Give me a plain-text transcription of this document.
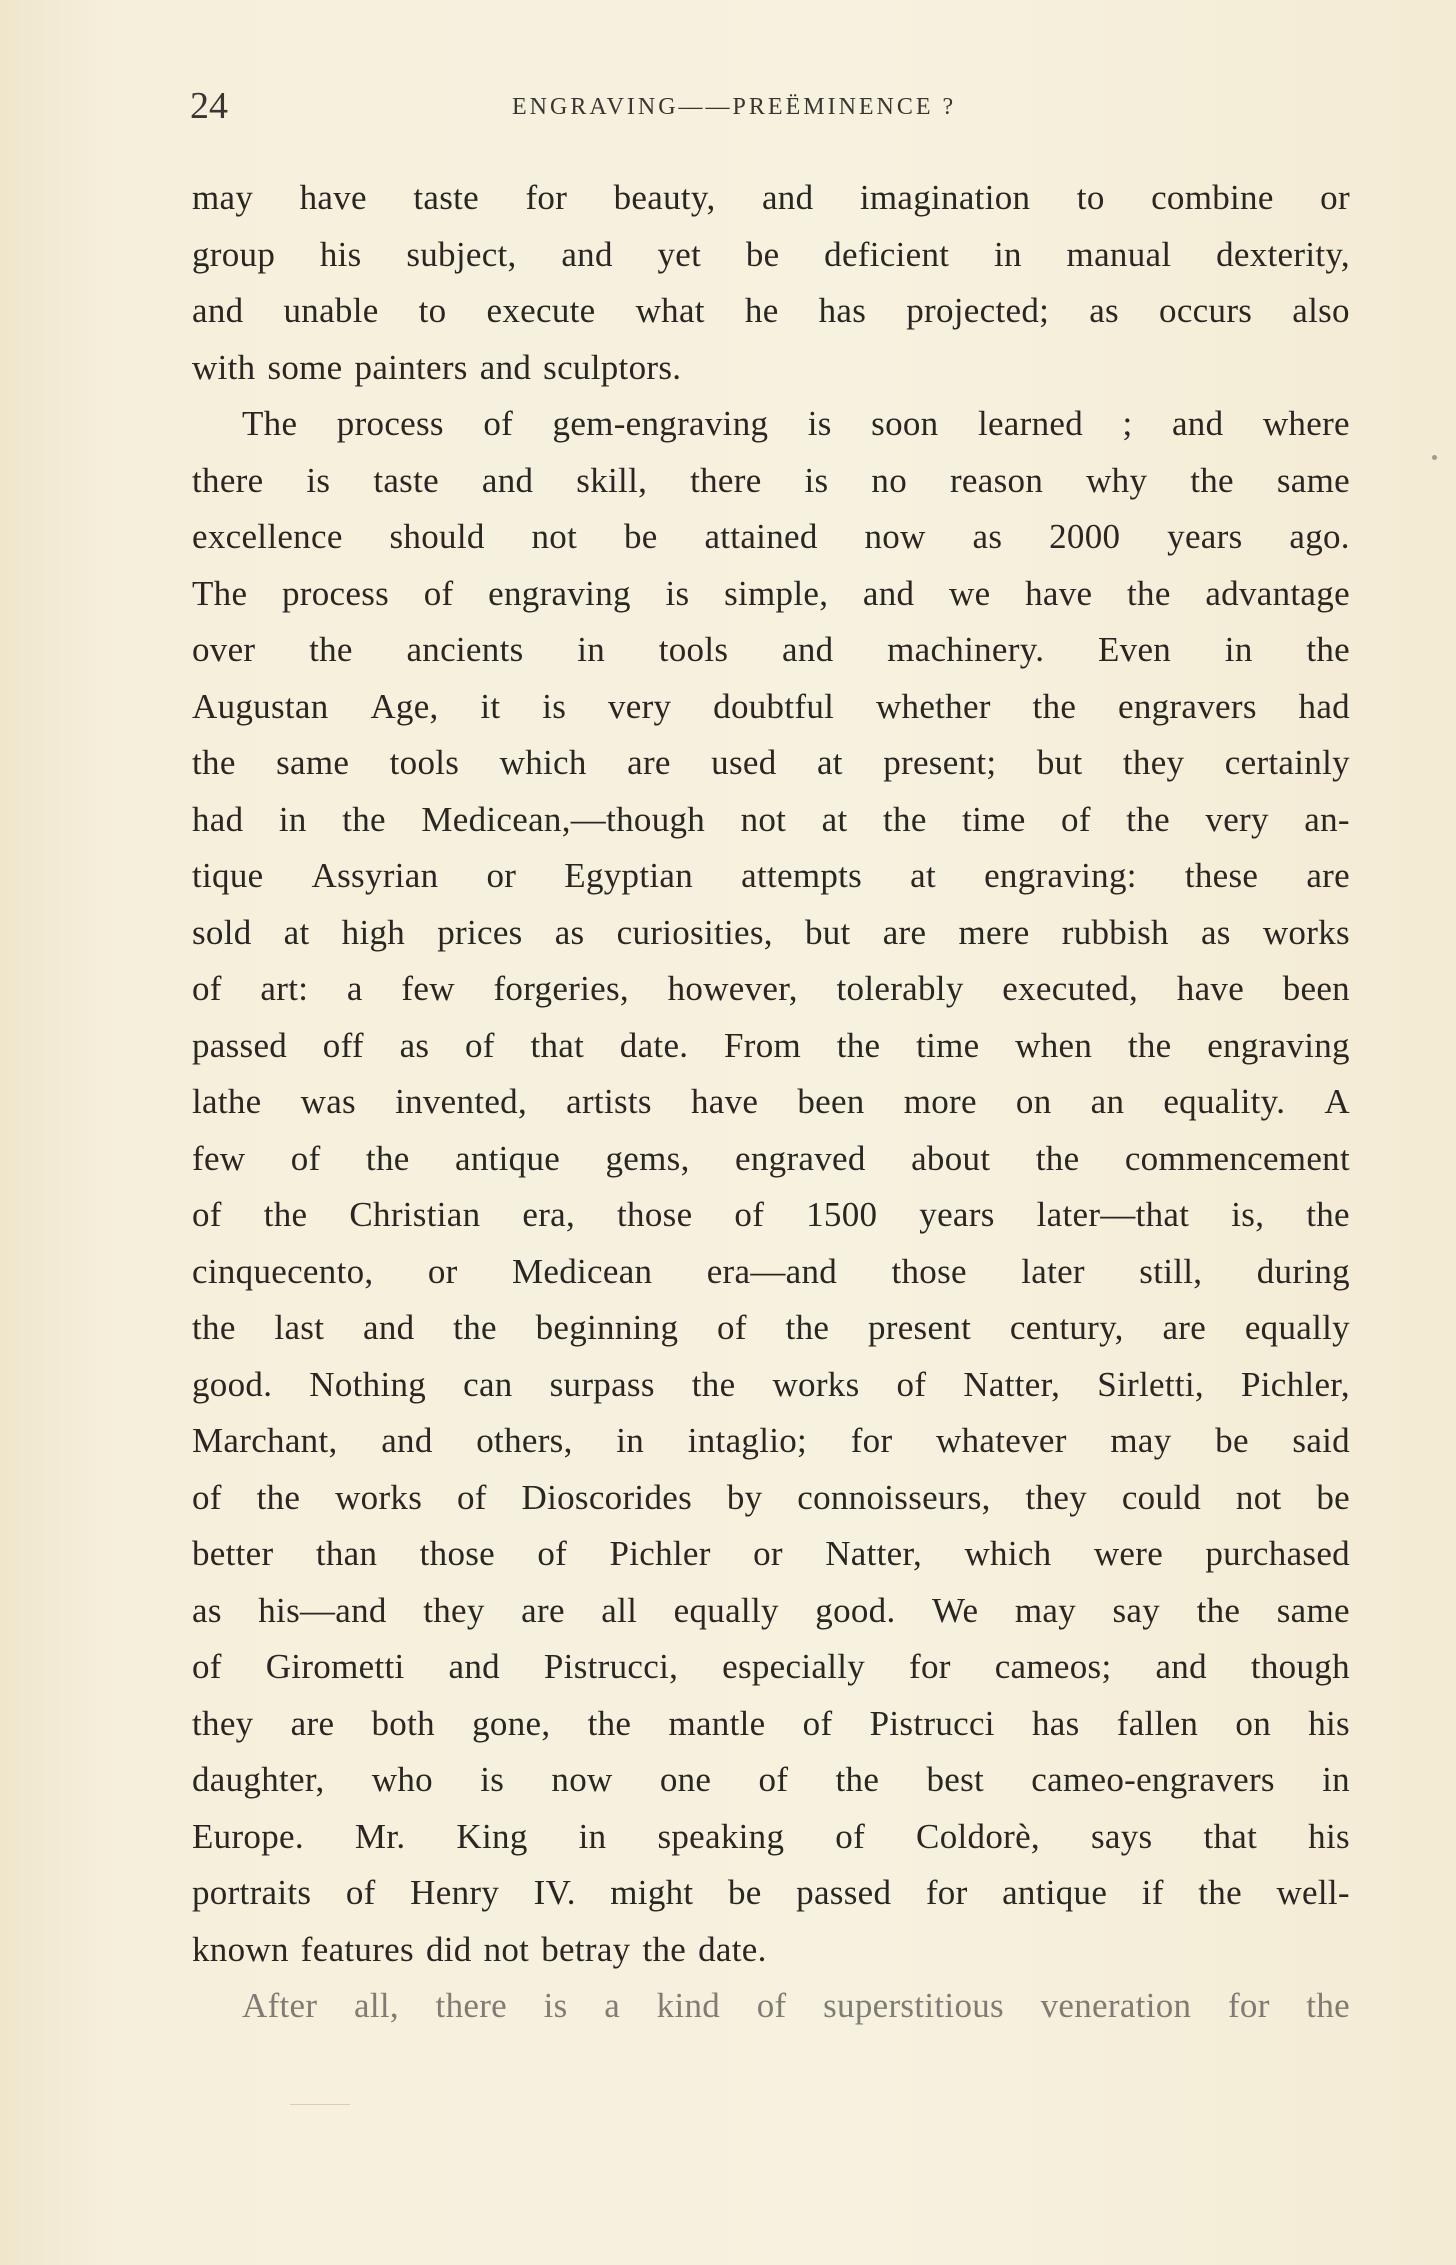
24	ENGRAVING——PREËMINENCE ?
may have taste for beauty, and imagination to combine or
group his subject, and yet be deficient in manual dexterity,
and unable to execute what he has projected; as occurs also
with some painters and sculptors.
The process of gem-engraving is soon learned ; and where
there is taste and skill, there is no reason why the same
excellence should not be attained now as 2000 years ago.
The process of engraving is simple, and we have the advantage
over the ancients in tools and machinery. Even in the
Augustan Age, it is very doubtful whether the engravers had
the same tools which are used at present; but they certainly
had in the Medicean,—though not at the time of the very an-
tique Assyrian or Egyptian attempts at engraving: these are
sold at high prices as curiosities, but are mere rubbish as works
of art: a few forgeries, however, tolerably executed, have been
passed off as of that date. From the time when the engraving
lathe was invented, artists have been more on an equality. A
few of the antique gems, engraved about the commencement
of the Christian era, those of 1500 years later—that is, the
cinquecento, or Medicean era—and those later still, during
the last and the beginning of the present century, are equally
good. Nothing can surpass the works of Natter, Sirletti, Pichler,
Marchant, and others, in intaglio; for whatever may be said
of the works of Dioscorides by connoisseurs, they could not be
better than those of Pichler or Natter, which were purchased
as his—and they are all equally good. We may say the same
of Girometti and Pistrucci, especially for cameos; and though
they are both gone, the mantle of Pistrucci has fallen on his
daughter, who is now one of the best cameo-engravers in
Europe. Mr. King in speaking of Coldorè, says that his
portraits of Henry IV. might be passed for antique if the well-
known features did not betray the date.
After all, there is a kind of superstitious veneration for the
